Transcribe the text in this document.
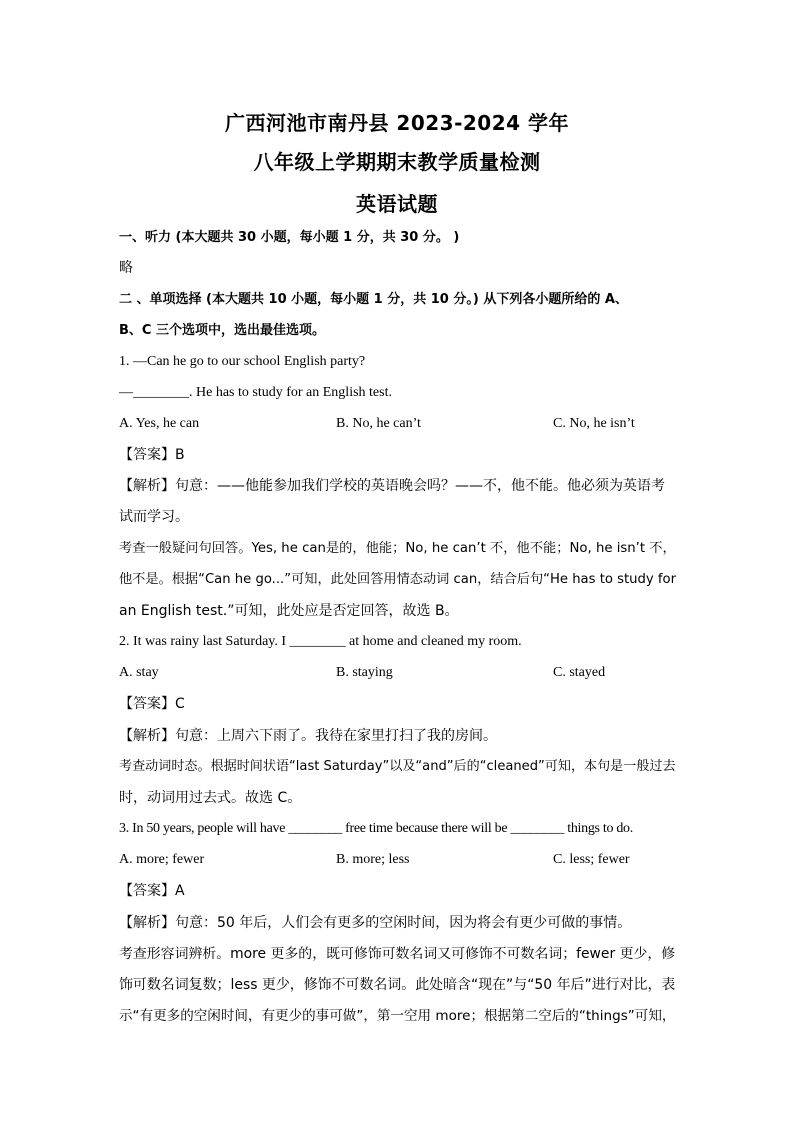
广西河池市南丹县 2023-2024 学年
八年级上学期期末教学质量检测
英语试题
一、听力 (本大题共 30 小题，每小题 1 分，共 30 分。 )
略
二 、单项选择 (本大题共 10 小题，每小题 1 分，共 10 分。) 从下列各小题所给的 A、
B、C 三个选项中，选出最佳选项。
1. —Can he go to our school English party?
—________. He has to study for an English test.
A. Yes, he can	B. No, he can’t	C. No, he isn’t
【答案】B
【解析】句意：——他能参加我们学校的英语晚会吗？——不，他不能。他必须为英语考
试而学习。
考查一般疑问句回答。Yes, he can是的，他能；No, he can’t 不，他不能；No, he isn’t 不，
他不是。根据“Can he go...”可知，此处回答用情态动词 can，结合后句“He has to study for
an English test.”可知，此处应是否定回答，故选 B。
2. It was rainy last Saturday. I ________ at home and cleaned my room.
A. stay	B. staying	C. stayed
【答案】C
【解析】句意：上周六下雨了。我待在家里打扫了我的房间。
考查动词时态。根据时间状语“last Saturday”以及“and”后的“cleaned”可知，本句是一般过去
时，动词用过去式。故选 C。
3. In 50 years, people will have ________ free time because there will be ________ things to do.
A. more; fewer	B. more; less	C. less; fewer
【答案】A
【解析】句意：50 年后，人们会有更多的空闲时间，因为将会有更少可做的事情。
考查形容词辨析。more 更多的，既可修饰可数名词又可修饰不可数名词；fewer 更少，修
饰可数名词复数；less 更少，修饰不可数名词。此处暗含“现在”与“50 年后”进行对比，表
示“有更多的空闲时间，有更少的事可做”，第一空用 more；根据第二空后的“things”可知，
